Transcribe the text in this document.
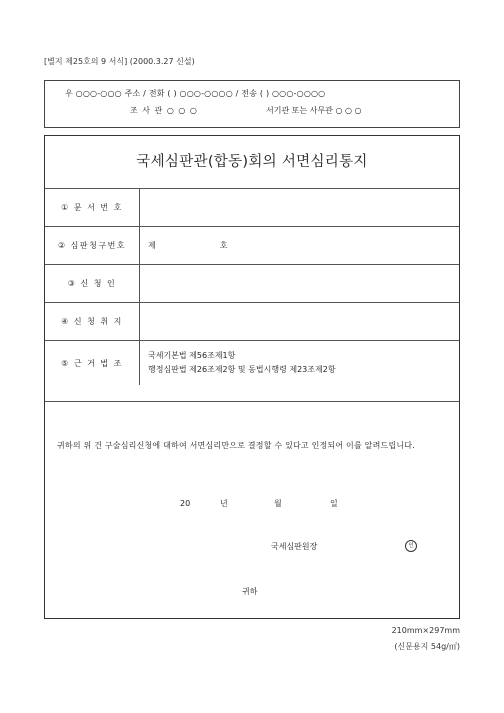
[별지 제25호의 9 서식] (2000.3.27 신설)
우 ○○○-○○○ 주소 / 전화 ( ) ○○○-○○○○ / 전송 ( ) ○○○-○○○○
조 사 관 ○ ○ ○	서기관 또는 사무관 ○ ○ ○
국세심판관(합동)회의 서면심리통지
① 문 서 번 호	
② 심판청구번호	제 호
③ 신 청 인	
④ 신 청 취 지	
⑤ 근 거 법 조	국세기본법 제56조제1항
행정심판법 제26조제2항 및 동법시행령 제23조제2항
귀하의 위 건 구술심리신청에 대하여 서면심리만으로 결정할 수 있다고 인정되어 이를 알려드립니다.
20	년	월	일
국세심판원장	인
귀하
210mm×297mm
(신문용지 54g/㎡)
